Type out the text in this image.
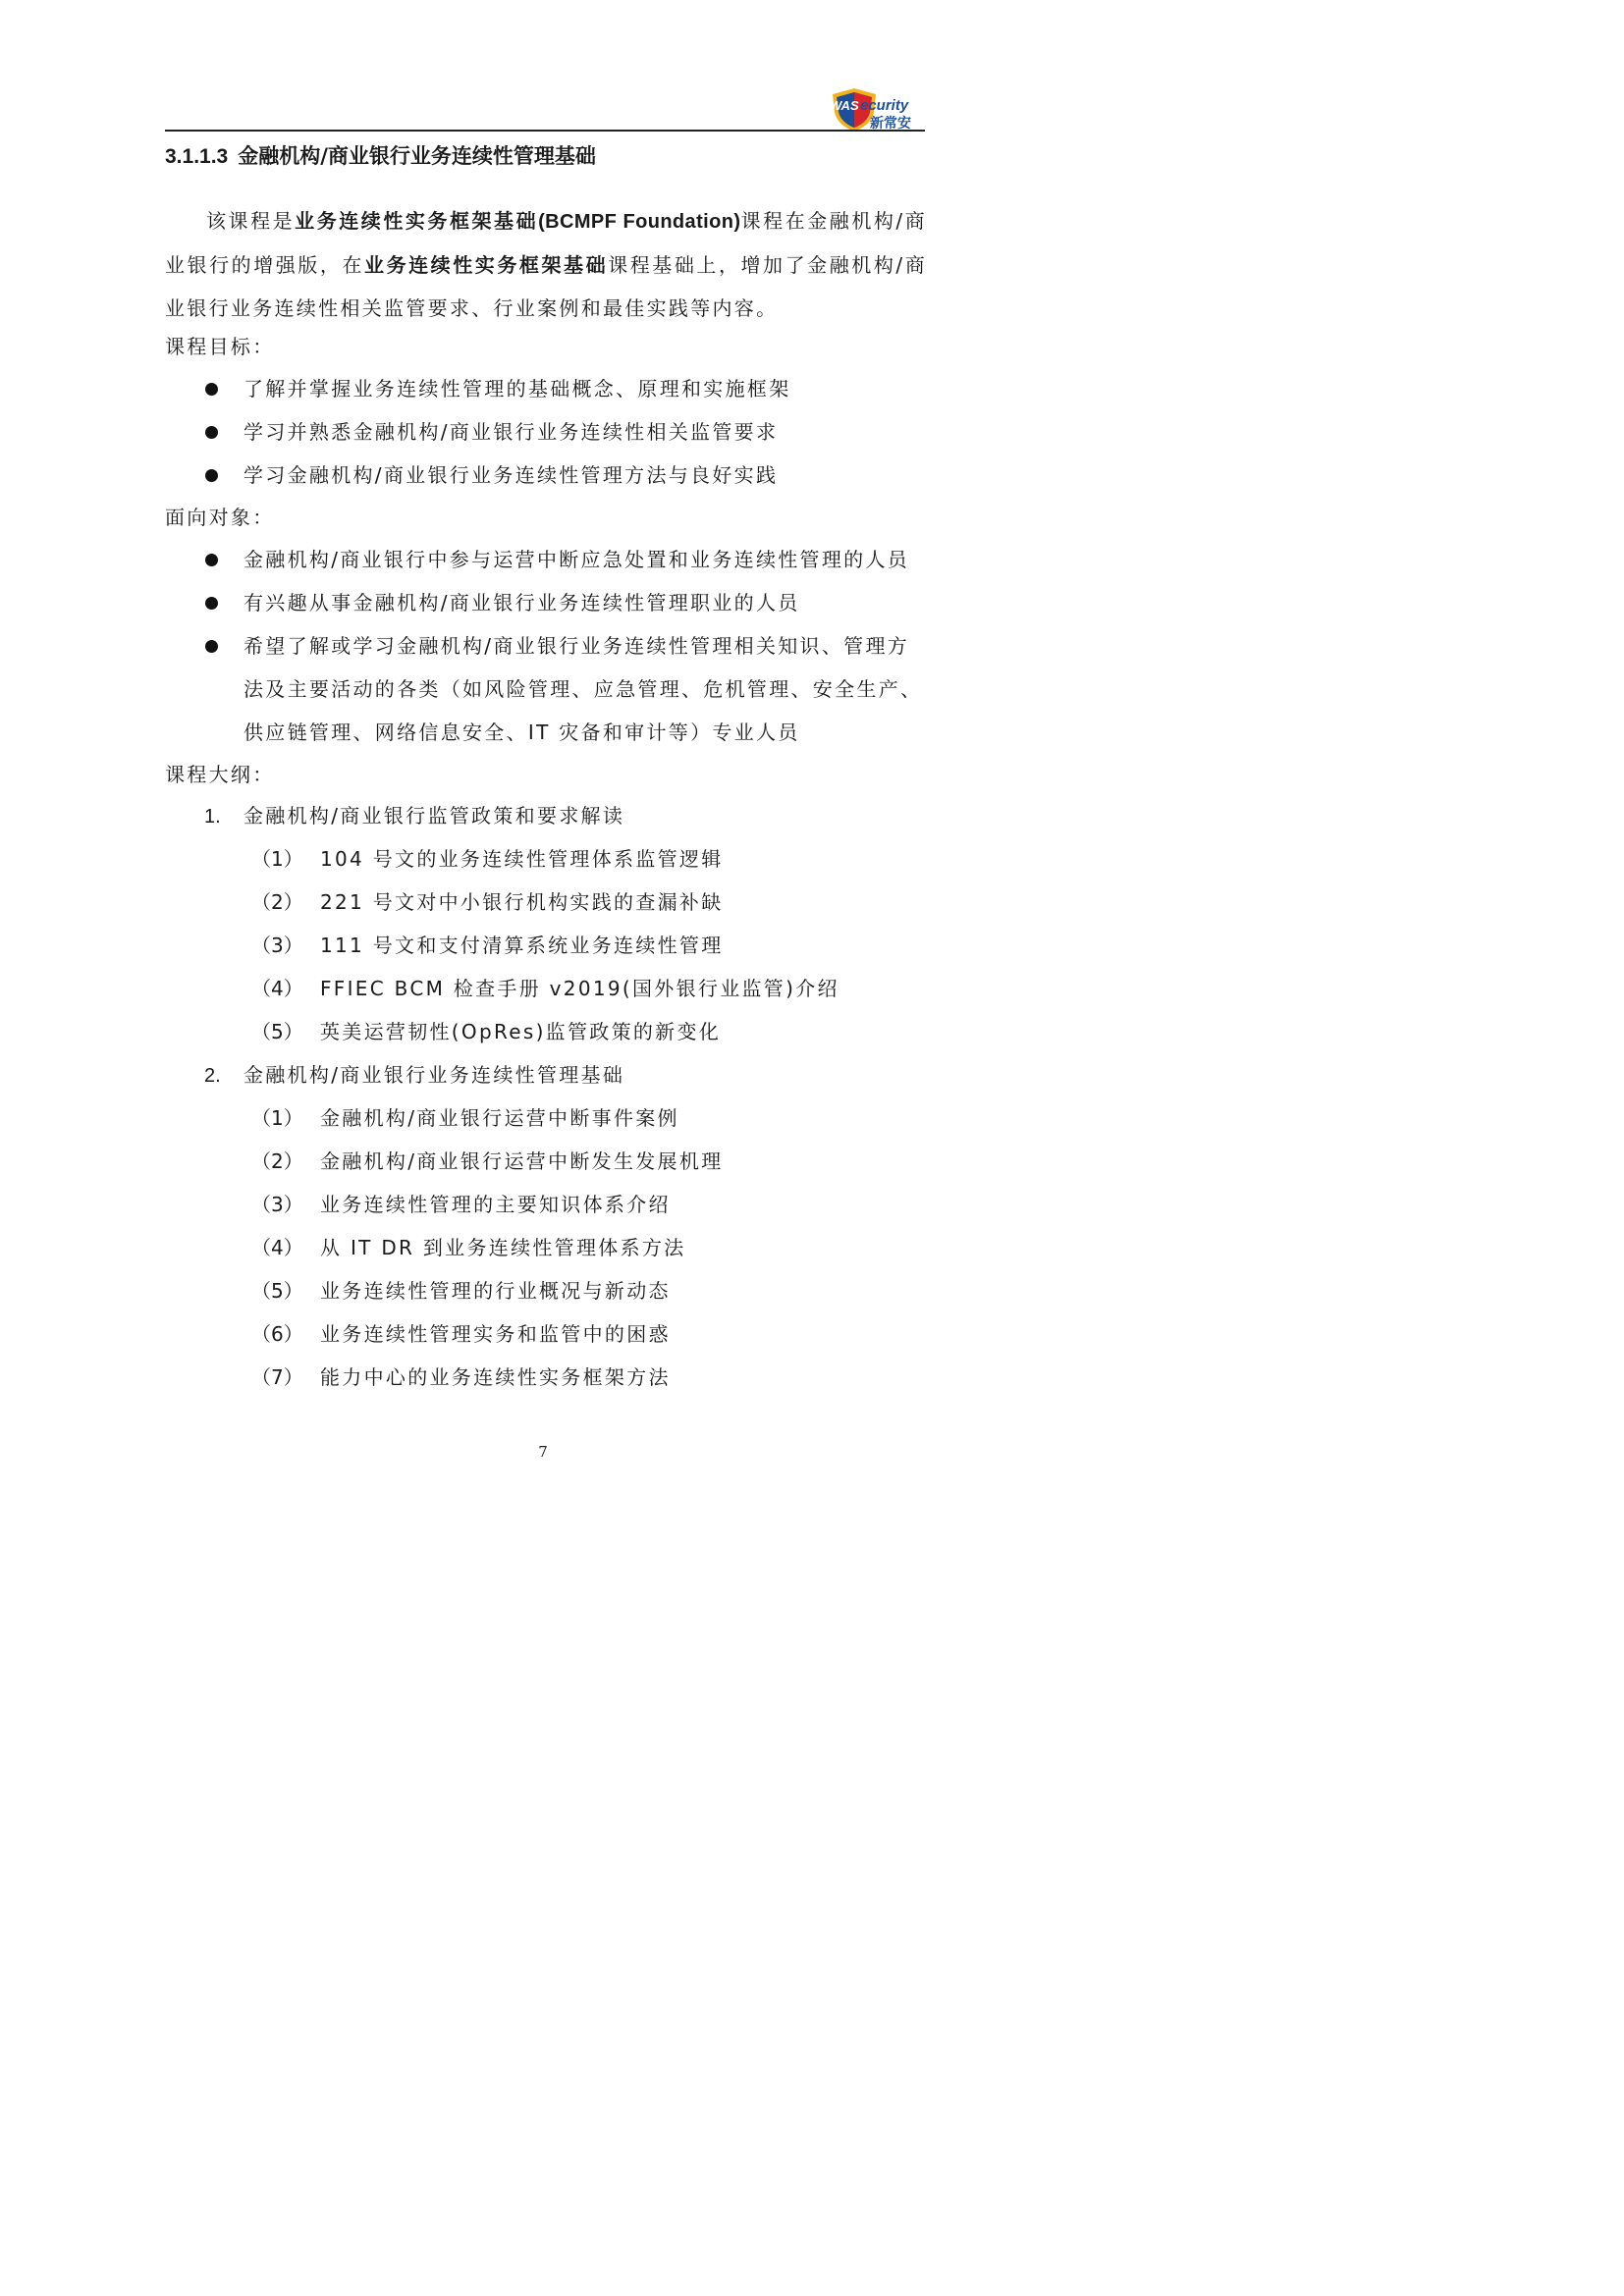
WAS ecurity
新常安
3.1.1.3 金融机构/商业银行业务连续性管理基础
该课程是业务连续性实务框架基础(BCMPF Foundation)课程在金融机构/商业银行的增强版，在业务连续性实务框架基础课程基础上，增加了金融机构/商业银行业务连续性相关监管要求、行业案例和最佳实践等内容。
课程目标：
了解并掌握业务连续性管理的基础概念、原理和实施框架
学习并熟悉金融机构/商业银行业务连续性相关监管要求
学习金融机构/商业银行业务连续性管理方法与良好实践
面向对象：
金融机构/商业银行中参与运营中断应急处置和业务连续性管理的人员
有兴趣从事金融机构/商业银行业务连续性管理职业的人员
希望了解或学习金融机构/商业银行业务连续性管理相关知识、管理方法及主要活动的各类（如风险管理、应急管理、危机管理、安全生产、供应链管理、网络信息安全、IT 灾备和审计等）专业人员
课程大纲：
1. 金融机构/商业银行监管政策和要求解读
（1） 104 号文的业务连续性管理体系监管逻辑
（2） 221 号文对中小银行机构实践的查漏补缺
（3） 111 号文和支付清算系统业务连续性管理
（4） FFIEC BCM 检查手册 v2019(国外银行业监管)介绍
（5） 英美运营韧性(OpRes)监管政策的新变化
2. 金融机构/商业银行业务连续性管理基础
（1） 金融机构/商业银行运营中断事件案例
（2） 金融机构/商业银行运营中断发生发展机理
（3） 业务连续性管理的主要知识体系介绍
（4） 从 IT DR 到业务连续性管理体系方法
（5） 业务连续性管理的行业概况与新动态
（6） 业务连续性管理实务和监管中的困惑
（7） 能力中心的业务连续性实务框架方法
7
